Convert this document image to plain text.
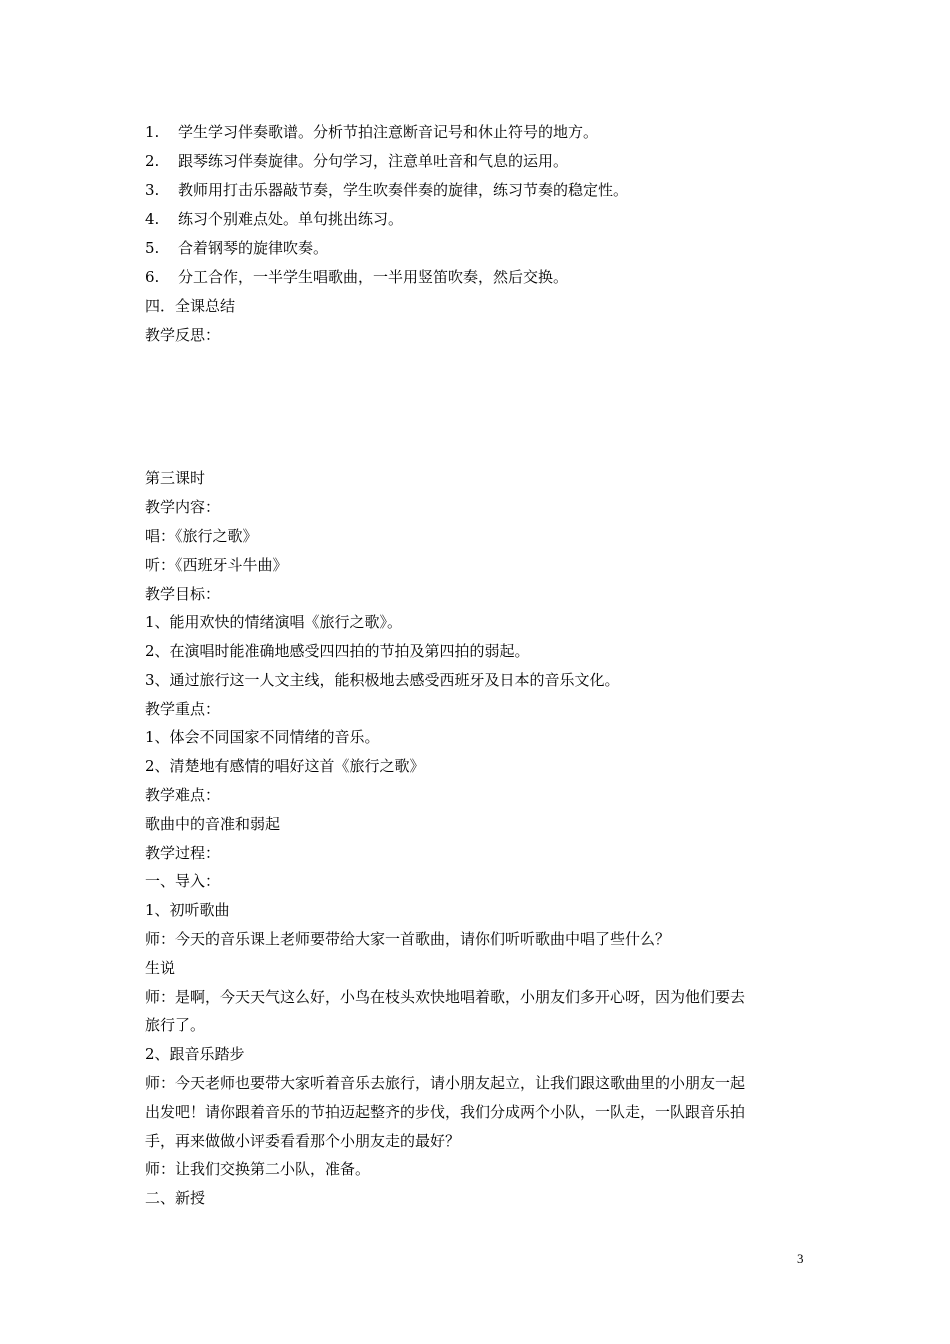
1.	学生学习伴奏歌谱。分析节拍注意断音记号和休止符号的地方。
2.	跟琴练习伴奏旋律。分句学习，注意单吐音和气息的运用。
3.	教师用打击乐器敲节奏，学生吹奏伴奏的旋律，练习节奏的稳定性。
4.	练习个别难点处。单句挑出练习。
5.	合着钢琴的旋律吹奏。
6.	分工合作，一半学生唱歌曲，一半用竖笛吹奏，然后交换。
四．全课总结
教学反思：
第三课时
教学内容：
唱：《旅行之歌》
听：《西班牙斗牛曲》
教学目标：
1、能用欢快的情绪演唱《旅行之歌》。
2、在演唱时能准确地感受四四拍的节拍及第四拍的弱起。
3、通过旅行这一人文主线，能积极地去感受西班牙及日本的音乐文化。
教学重点：
1、体会不同国家不同情绪的音乐。
2、清楚地有感情的唱好这首《旅行之歌》
教学难点：
歌曲中的音准和弱起
教学过程：
一、导入：
1、初听歌曲
师：今天的音乐课上老师要带给大家一首歌曲，请你们听听歌曲中唱了些什么？
生说
师：是啊，今天天气这么好，小鸟在枝头欢快地唱着歌，小朋友们多开心呀，因为他们要去
旅行了。
2、跟音乐踏步
师：今天老师也要带大家听着音乐去旅行，请小朋友起立，让我们跟这歌曲里的小朋友一起
出发吧！请你跟着音乐的节拍迈起整齐的步伐，我们分成两个小队，一队走，一队跟音乐拍
手，再来做做小评委看看那个小朋友走的最好？
师：让我们交换第二小队，准备。
二、新授
3
